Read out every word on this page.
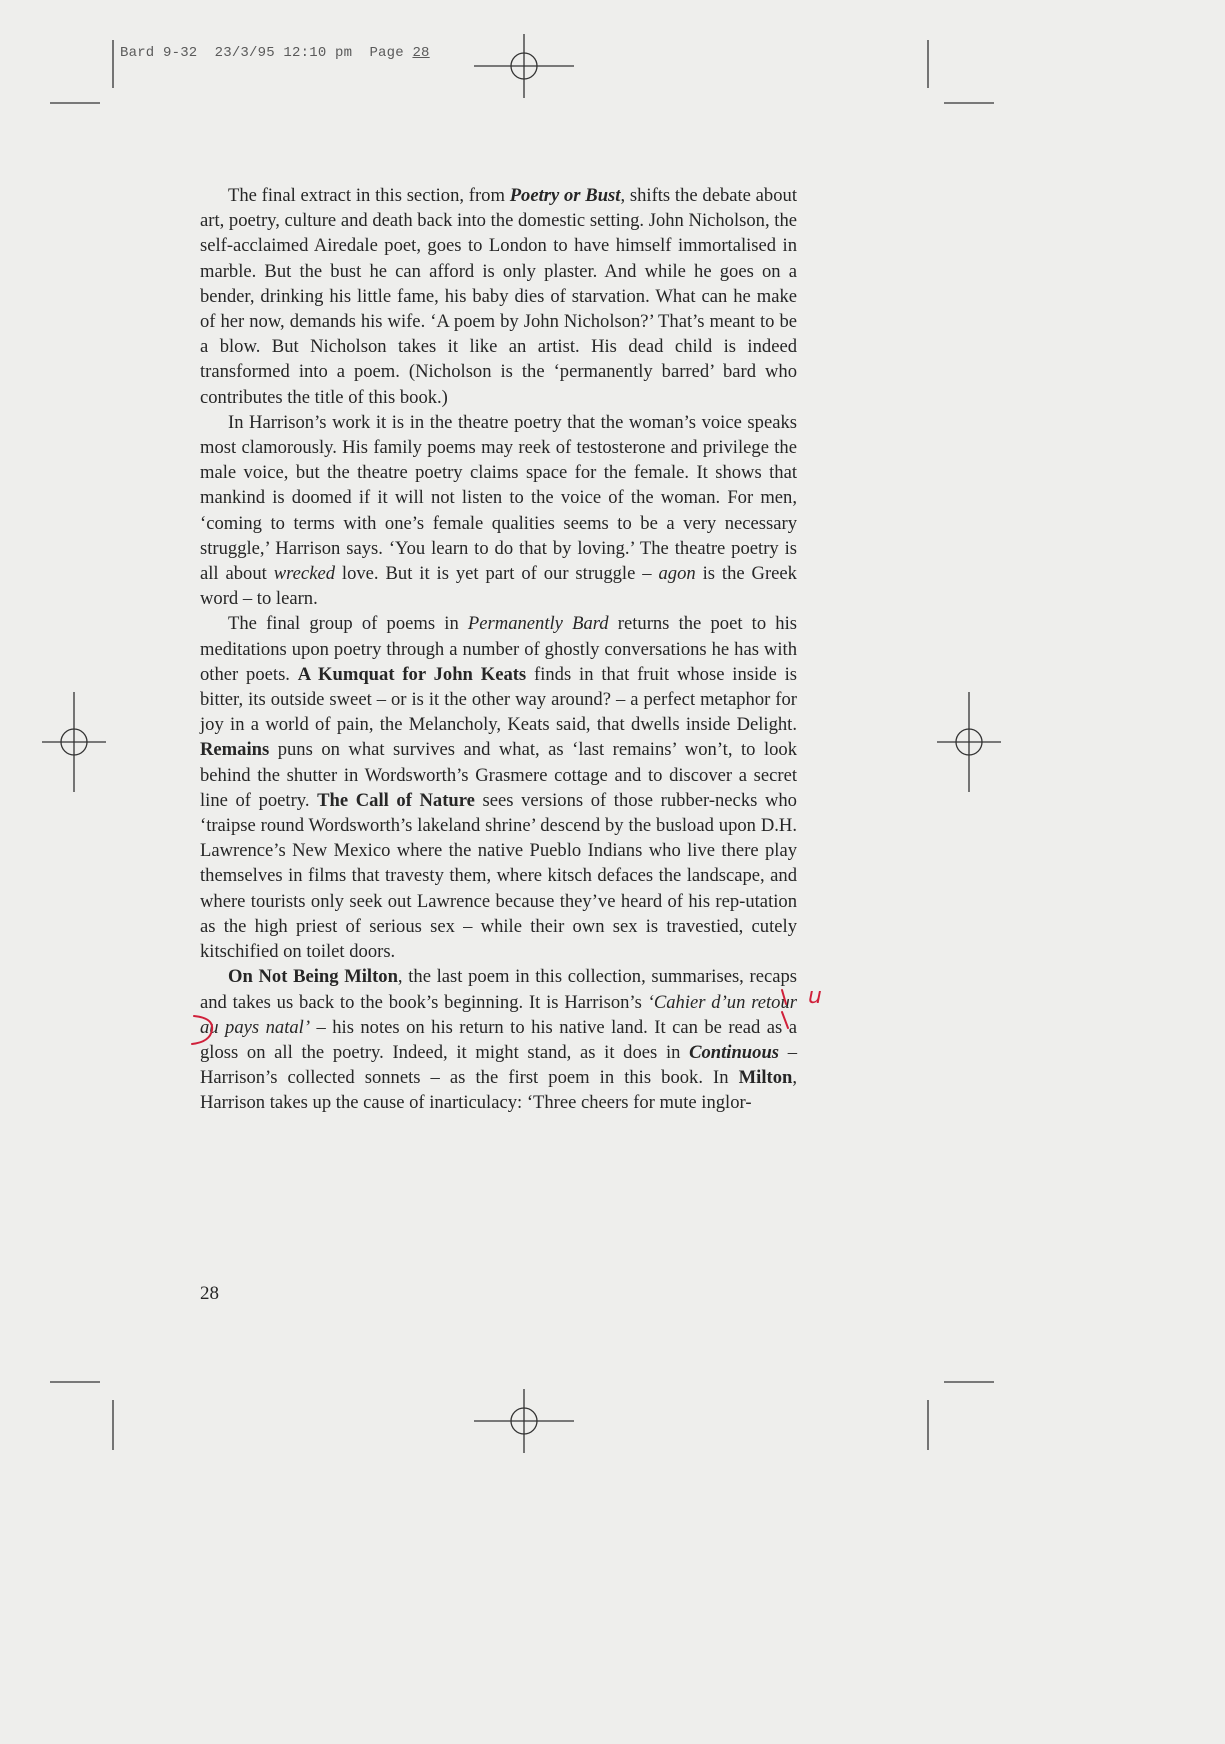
Bard 9-32  23/3/95 12:10 pm  Page 28

The final extract in this section, from Poetry or Bust, shifts the debate about art, poetry, culture and death back into the domestic setting. John Nicholson, the self-acclaimed Airedale poet, goes to London to have himself immortalised in marble. But the bust he can afford is only plaster. And while he goes on a bender, drinking his little fame, his baby dies of starvation. What can he make of her now, demands his wife. ‘A poem by John Nicholson?’ That’s meant to be a blow. But Nicholson takes it like an artist. His dead child is indeed transformed into a poem. (Nicholson is the ‘permanently barred’ bard who contributes the title of this book.)

In Harrison’s work it is in the theatre poetry that the woman’s voice speaks most clamorously. His family poems may reek of testosterone and privilege the male voice, but the theatre poetry claims space for the female. It shows that mankind is doomed if it will not listen to the voice of the woman. For men, ‘coming to terms with one’s female qualities seems to be a very necessary struggle,’ Harrison says. ‘You learn to do that by loving.’ The theatre poetry is all about wrecked love. But it is yet part of our struggle – agon is the Greek word – to learn.

The final group of poems in Permanently Bard returns the poet to his meditations upon poetry through a number of ghostly conversations he has with other poets. A Kumquat for John Keats finds in that fruit whose inside is bitter, its outside sweet – or is it the other way around? – a perfect metaphor for joy in a world of pain, the Melancholy, Keats said, that dwells inside Delight. Remains puns on what survives and what, as ‘last remains’ won’t, to look behind the shutter in Wordsworth’s Grasmere cottage and to discover a secret line of poetry. The Call of Nature sees versions of those rubber-necks who ‘traipse round Wordsworth’s lakeland shrine’ descend by the busload upon D.H. Lawrence’s New Mexico where the native Pueblo Indians who live there play themselves in films that travesty them, where kitsch defaces the landscape, and where tourists only seek out Lawrence because they’ve heard of his rep-utation as the high priest of serious sex – while their own sex is travestied, cutely kitschified on toilet doors.

On Not Being Milton, the last poem in this collection, summarises, recaps and takes us back to the book’s beginning. It is Harrison’s ‘Cahier d’un retour au pays natal’ – his notes on his return to his native land. It can be read as a gloss on all the poetry. Indeed, it might stand, as it does in Continuous – Harrison’s collected sonnets – as the first poem in this book. In Milton, Harrison takes up the cause of inarticulacy: ‘Three cheers for mute inglor-

28
u
